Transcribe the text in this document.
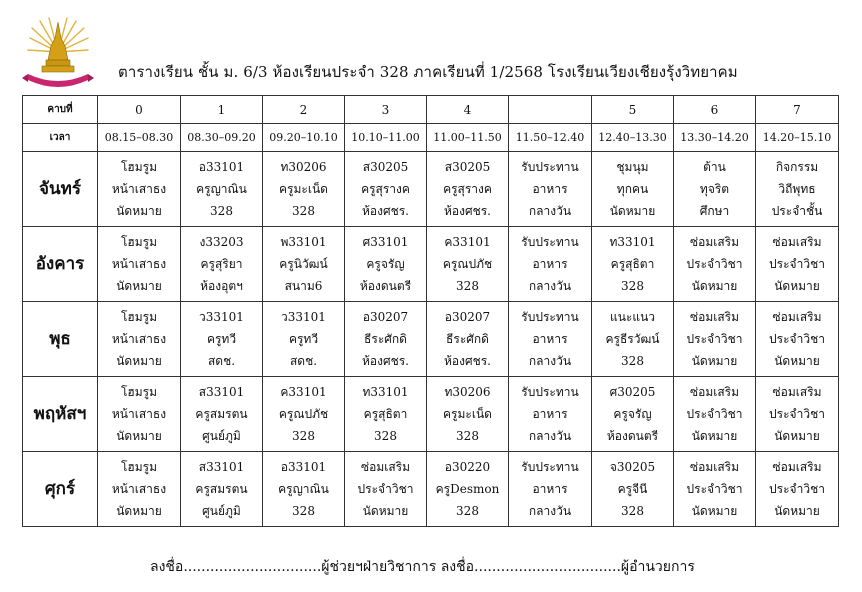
ตารางเรียน ชั้น ม. 6/3 ห้องเรียนประจำ 328 ภาคเรียนที่ 1/2568 โรงเรียนเวียงเชียงรุ้งวิทยาคม
คาบที่	0	1	2	3	4		5	6	7
เวลา	08.15–08.30	08.30–09.20	09.20–10.10	10.10–11.00	11.00–11.50	11.50–12.40	12.40–13.30	13.30–14.20	14.20–15.10
จันทร์	โฮมรูม
หน้าเสาธง
นัดหมาย	อ33101
ครูญาณิน
328	ท30206
ครูมะเน็ด
328	ส30205
ครูสุรางค
ห้องศชร.	ส30205
ครูสุรางค
ห้องศชร.	รับประทาน
อาหาร
กลางวัน	ชุมนุม
ทุกคน
นัดหมาย	ต้าน
ทุจริต
ศึกษา	กิจกรรม
วิถีพุทธ
ประจำชั้น

อังคาร	โฮมรูม
หน้าเสาธง
นัดหมาย	ง33203
ครูสุริยา
ห้องอุตฯ	พ33101
ครูนิวัฒน์
สนาม6	ศ33101
ครูจรัญ
ห้องดนตรี	ค33101
ครูณปภัช
328	รับประทาน
อาหาร
กลางวัน	ท33101
ครูสุธิตา
328	ซ่อมเสริม
ประจำวิชา
นัดหมาย	ซ่อมเสริม
ประจำวิชา
นัดหมาย

พุธ	โฮมรูม
หน้าเสาธง
นัดหมาย	ว33101
ครูทวี
สดช.	ว33101
ครูทวี
สดช.	อ30207
ธีระศักดิ
ห้องศชร.	อ30207
ธีระศักดิ
ห้องศชร.	รับประทาน
อาหาร
กลางวัน	แนะแนว
ครูธีรวัฒน์
328	ซ่อมเสริม
ประจำวิชา
นัดหมาย	ซ่อมเสริม
ประจำวิชา
นัดหมาย

พฤหัสฯ	โฮมรูม
หน้าเสาธง
นัดหมาย	ส33101
ครูสมรตน
ศูนย์ภูมิ	ค33101
ครูณปภัช
328	ท33101
ครูสุธิตา
328	ท30206
ครูมะเน็ด
328	รับประทาน
อาหาร
กลางวัน	ศ30205
ครูจรัญ
ห้องดนตรี	ซ่อมเสริม
ประจำวิชา
นัดหมาย	ซ่อมเสริม
ประจำวิชา
นัดหมาย

ศุกร์	โฮมรูม
หน้าเสาธง
นัดหมาย	ส33101
ครูสมรตน
ศูนย์ภูมิ	อ33101
ครูญาณิน
328	ซ่อมเสริม
ประจำวิชา
นัดหมาย	อ30220
ครูDesmon
328	รับประทาน
อาหาร
กลางวัน	จ30205
ครูจีนี
328	ซ่อมเสริม
ประจำวิชา
นัดหมาย	ซ่อมเสริม
ประจำวิชา
นัดหมาย
ลงชื่อ...............................ผู้ช่วยฯฝ่ายวิชาการ ลงชื่อ.................................ผู้อำนวยการ
